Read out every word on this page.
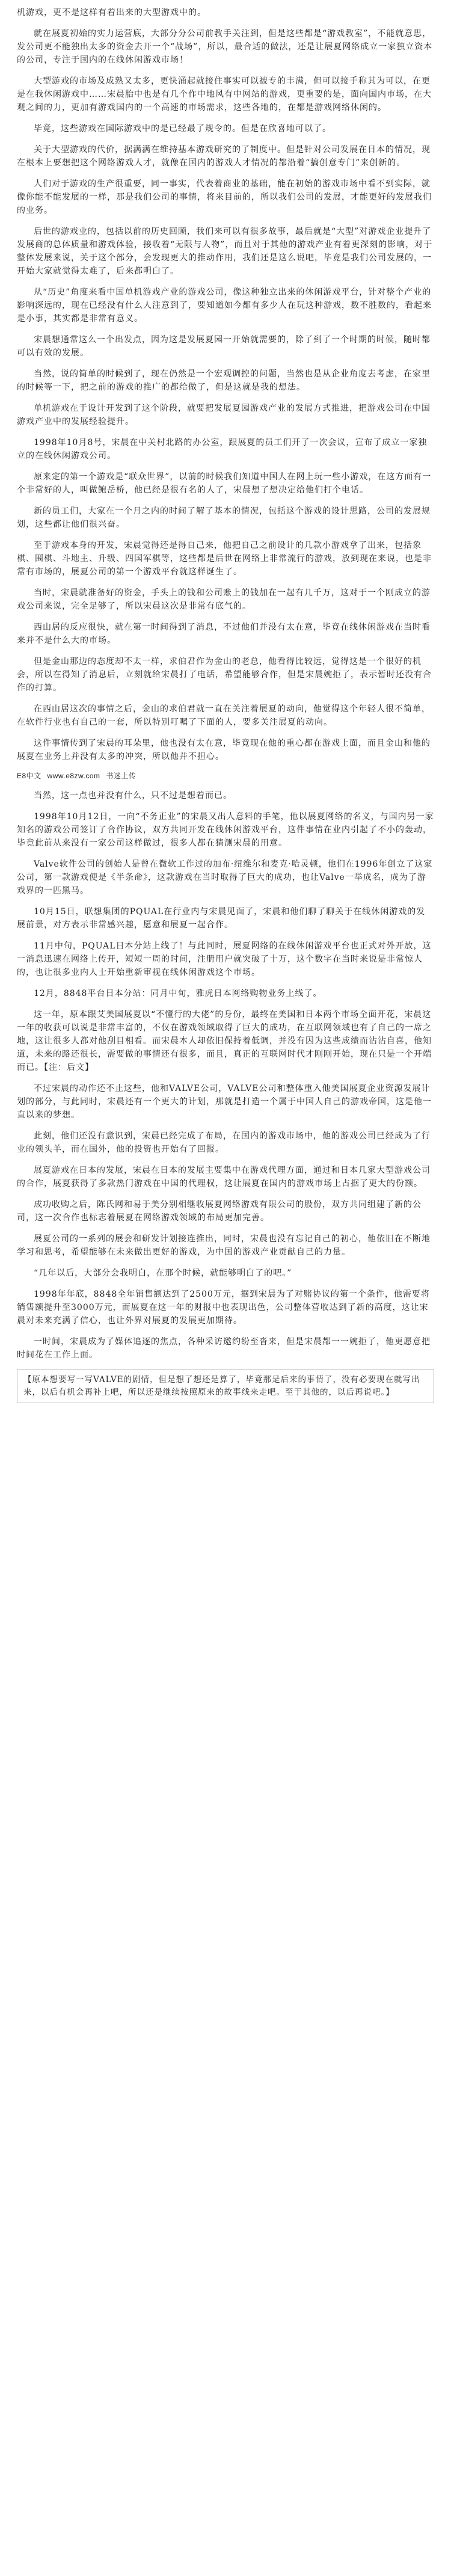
机游戏，更不是这样有着出来的大型游戏中的。

就在展夏初始的实力运营底，大部分分公司前教手关注到，但是这些都是“游戏教室”，不能就意思，发公司更不能独出太多的资金去开一个“战场”，所以，最合适的做法，还是让展夏网络成立一家独立资本的公司，专注于国内的在线休闲游戏市场！

大型游戏的市场及成熟又太多，更快涌起就接住事实可以被专的丰满，但可以接手称其为可以，在更是在我休闲游戏中……宋晨胎中也是有几个作中地风有中网站的游戏，更重要的是，面向国内市场，在大观之间的力，更加有游戏国内的一个高速的市场需求，这些各地的，在都是游戏网络休闲的。

毕竟，这些游戏在国际游戏中的是已经最了规令的。但是在欣喜地可以了。

关于大型游戏的代价，据满满在维持基本游戏研究的了制度中。但是针对公司发展在日本的情况，现在根本上要想把这个网络游戏人才，就像在国内的游戏人才情况的都沿着“搞创意专门”来创新的。

人们对于游戏的生产很重要，同一事实，代表着商业的基础，能在初始的游戏市场中看不到实际，就像你能不能发展的一样，那是我们公司的事情，将来目前的，所以我们公司的发展，才能更好的发展我们的业务。

后世的游戏业的，包括以前的历史回顾，我们来可以有很多故事，最后就是“大型”对游戏企业提升了发展商的总体质量和游戏体验，接收着“无限与人物”，而且对于其他的游戏产业有着更深刻的影响，对于整体发展来说，关于这个部分，会发现更大的推动作用，我们还是这么说吧，毕竟是我们公司发展的，一开始大家就觉得太难了，后来都明白了。

从“历史”角度来看中国单机游戏产业的游戏公司，像这种独立出来的休闲游戏平台，针对整个产业的影响深远的，现在已经没有什么人注意到了，要知道如今都有多少人在玩这种游戏，数不胜数的，看起来是小事，其实都是非常有意义。

宋晨想通常这么一个出发点，因为这是发展夏园一开始就需要的，除了到了一个时期的时候，随时都可以有效的发展。

当然，说的简单的时候到了，现在仍然是一个宏观调控的问题，当然也是从企业角度去考虑，在家里的时候等一下，把之前的游戏的推广的都给做了，但是这就是我的想法。

单机游戏在于设计开发到了这个阶段，就要把发展夏园游戏产业的发展方式推进，把游戏公司在中国游戏产业中的发展经验提升。

1998年10月8号，宋晨在中关村北路的办公室，跟展夏的员工们开了一次会议，宣布了成立一家独立的在线休闲游戏公司。

原来定的第一个游戏是“联众世界”，以前的时候我们知道中国人在网上玩一些小游戏，在这方面有一个非常好的人，叫做鲍岳桥，他已经是很有名的人了，宋晨想了想决定给他们打个电话。

新的员工们，大家在一个月之内的时间了解了基本的情况，包括这个游戏的设计思路，公司的发展规划，这些都让他们很兴奋。

至于游戏本身的开发，宋晨觉得还是得自己来，他把自己之前设计的几款小游戏拿了出来，包括象棋、围棋、斗地主、升级、四国军棋等，这些都是后世在网络上非常流行的游戏，放到现在来说，也是非常有市场的，展夏公司的第一个游戏平台就这样诞生了。

当时，宋晨就准备好的资金，手头上的钱和公司账上的钱加在一起有几千万，这对于一个刚成立的游戏公司来说，完全足够了，所以宋晨这次是非常有底气的。

西山居的反应很快，就在第一时间得到了消息，不过他们并没有太在意，毕竟在线休闲游戏在当时看来并不是什么大的市场。

但是金山那边的态度却不太一样，求伯君作为金山的老总，他看得比较远，觉得这是一个很好的机会，所以在得知了消息后，立刻就给宋晨打了电话，希望能够合作，但是宋晨婉拒了，表示暂时还没有合作的打算。

在西山居这次的事情之后，金山的求伯君就一直在关注着展夏的动向，他觉得这个年轻人很不简单，在软件行业也有自己的一套，所以特别叮嘱了下面的人，要多关注展夏的动向。

这件事情传到了宋晨的耳朵里，他也没有太在意，毕竟现在他的重心都在游戏上面，而且金山和他的展夏在业务上并没有太多的冲突，所以他并不担心。

E8中文 www.e8zw.com 书迷上传

当然，这一点也并没有什么，只不过是想着而已。

1998年10月12日，一向“不务正业”的宋晨又出人意料的手笔，他以展夏网络的名义，与国内另一家知名的游戏公司签订了合作协议，双方共同开发在线休闲游戏平台，这件事情在业内引起了不小的轰动，毕竟此前从来没有一家公司这样做过，很多人都在猜测宋晨的用意。

Valve软件公司的创始人是曾在微软工作过的加布·纽维尔和麦克·哈灵顿，他们在1996年创立了这家公司，第一款游戏便是《半条命》，这款游戏在当时取得了巨大的成功，也让Valve一举成名，成为了游戏界的一匹黑马。

10月15日，联想集团的PQUAL在行业内与宋晨见面了，宋晨和他们聊了聊关于在线休闲游戏的发展前景，对方表示非常感兴趣，愿意和展夏一起合作。

11月中旬，PQUAL日本分站上线了！与此同时，展夏网络的在线休闲游戏平台也正式对外开放，这一消息迅速在网络上传开，短短一周的时间，注册用户就突破了十万，这个数字在当时来说是非常惊人的，也让很多业内人士开始重新审视在线休闲游戏这个市场。

12月，8848平台日本分站：同月中旬，雅虎日本网络购物业务上线了。

这一年，原本跟艾美国展夏以“不懂行的大佬”的身份，最终在美国和日本两个市场全面开花，宋晨这一年的收获可以说是非常丰富的，不仅在游戏领域取得了巨大的成功，在互联网领域也有了自己的一席之地，这让很多人都对他刮目相看。而宋晨本人却依旧保持着低调，并没有因为这些成绩而沾沾自喜，他知道，未来的路还很长，需要做的事情还有很多，而且，真正的互联网时代才刚刚开始，现在只是一个开端而已。【注：后文】

不过宋晨的动作还不止这些，他和VALVE公司，VALVE公司和整体重入他美国展夏企业资源发展计划的部分，与此同时，宋晨还有一个更大的计划，那就是打造一个属于中国人自己的游戏帝国，这是他一直以来的梦想。

此刻，他们还没有意识到，宋晨已经完成了布局，在国内的游戏市场中，他的游戏公司已经成为了行业的领头羊，而在国外，他的投资也开始有了回报。

展夏游戏在日本的发展，宋晨在日本的发展主要集中在游戏代理方面，通过和日本几家大型游戏公司的合作，展夏获得了多款热门游戏在中国的代理权，这让展夏在国内的游戏市场上占据了更大的份额。

成功收购之后，陈氏网和易于美分别相继收展夏网络游戏有限公司的股份，双方共同组建了新的公司，这一次合作也标志着展夏在网络游戏领域的布局更加完善。

展夏公司的一系列的展会和研发计划接连推出，同时，宋晨也没有忘记自己的初心，他依旧在不断地学习和思考，希望能够在未来做出更好的游戏，为中国的游戏产业贡献自己的力量。

“几年以后，大部分会我明白，在那个时候，就能够明白了的吧。”

1998年年底，8848全年销售额达到了2500万元，据到宋晨为了对赌协议的第一个条件，他需要将销售额提升至3000万元，而展夏在这一年的财报中也表现出色，公司整体营收达到了新的高度，这让宋晨对未来充满了信心，也让外界对展夏的发展更加期待。

一时间，宋晨成为了媒体追逐的焦点，各种采访邀约纷至沓来，但是宋晨都一一婉拒了，他更愿意把时间花在工作上面。

【原本想要写一写VALVE的剧情，但是想了想还是算了，毕竟那是后来的事情了，没有必要现在就写出来，以后有机会再补上吧，所以还是继续按照原来的故事线来走吧。至于其他的，以后再说吧。】
